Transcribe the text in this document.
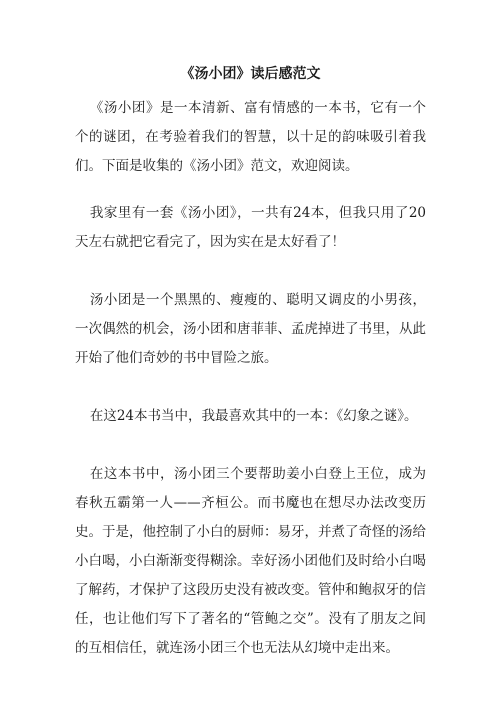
《汤小团》读后感范文

《汤小团》是一本清新、富有情感的一本书，它有一个个的谜团，在考验着我们的智慧，以十足的韵味吸引着我们。下面是收集的《汤小团》范文，欢迎阅读。

我家里有一套《汤小团》，一共有24本，但我只用了20天左右就把它看完了，因为实在是太好看了！

汤小团是一个黑黑的、瘦瘦的、聪明又调皮的小男孩，一次偶然的机会，汤小团和唐菲菲、孟虎掉进了书里，从此开始了他们奇妙的书中冒险之旅。

在这24本书当中，我最喜欢其中的一本：《幻象之谜》。

在这本书中，汤小团三个要帮助姜小白登上王位，成为春秋五霸第一人——齐桓公。而书魔也在想尽办法改变历史。于是，他控制了小白的厨师：易牙，并煮了奇怪的汤给小白喝，小白渐渐变得糊涂。幸好汤小团他们及时给小白喝了解药，才保护了这段历史没有被改变。管仲和鲍叔牙的信任，也让他们写下了著名的“管鲍之交”。没有了朋友之间的互相信任，就连汤小团三个也无法从幻境中走出来。
